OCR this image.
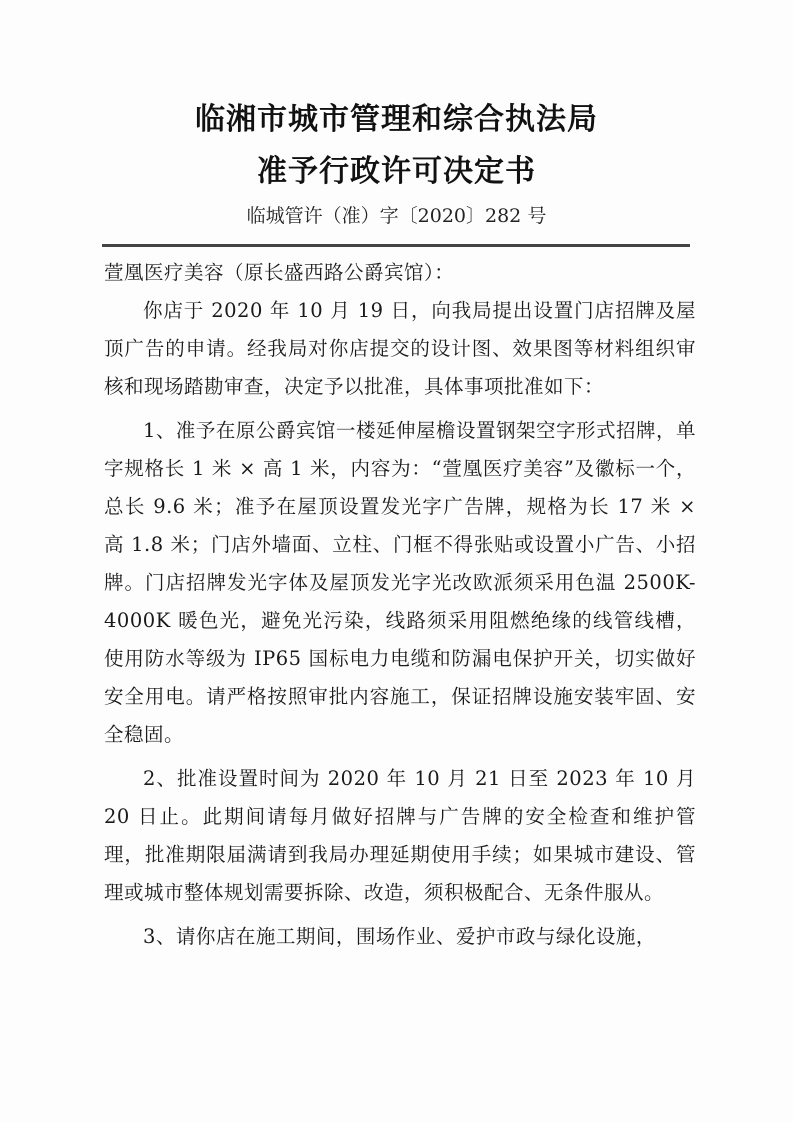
临湘市城市管理和综合执法局
准予行政许可决定书
临城管许（准）字〔2020〕282 号

萱凰医疗美容（原长盛西路公爵宾馆）：

你店于 2020 年 10 月 19 日，向我局提出设置门店招牌及屋顶广告的申请。经我局对你店提交的设计图、效果图等材料组织审核和现场踏勘审查，决定予以批准，具体事项批准如下：

1、准予在原公爵宾馆一楼延伸屋檐设置钢架空字形式招牌，单字规格长 1 米 × 高 1 米，内容为：“萱凰医疗美容”及徽标一个，总长 9.6 米；准予在屋顶设置发光字广告牌，规格为长 17 米 × 高 1.8 米；门店外墙面、立柱、门框不得张贴或设置小广告、小招牌。门店招牌发光字体及屋顶发光字光改欧派须采用色温 2500K-4000K 暖色光，避免光污染，线路须采用阻燃绝缘的线管线槽，使用防水等级为 IP65 国标电力电缆和防漏电保护开关，切实做好安全用电。请严格按照审批内容施工，保证招牌设施安装牢固、安全稳固。

2、批准设置时间为 2020 年 10 月 21 日至 2023 年 10 月 20 日止。此期间请每月做好招牌与广告牌的安全检查和维护管理，批准期限届满请到我局办理延期使用手续；如果城市建设、管理或城市整体规划需要拆除、改造，须积极配合、无条件服从。

3、请你店在施工期间，围场作业、爱护市政与绿化设施，
